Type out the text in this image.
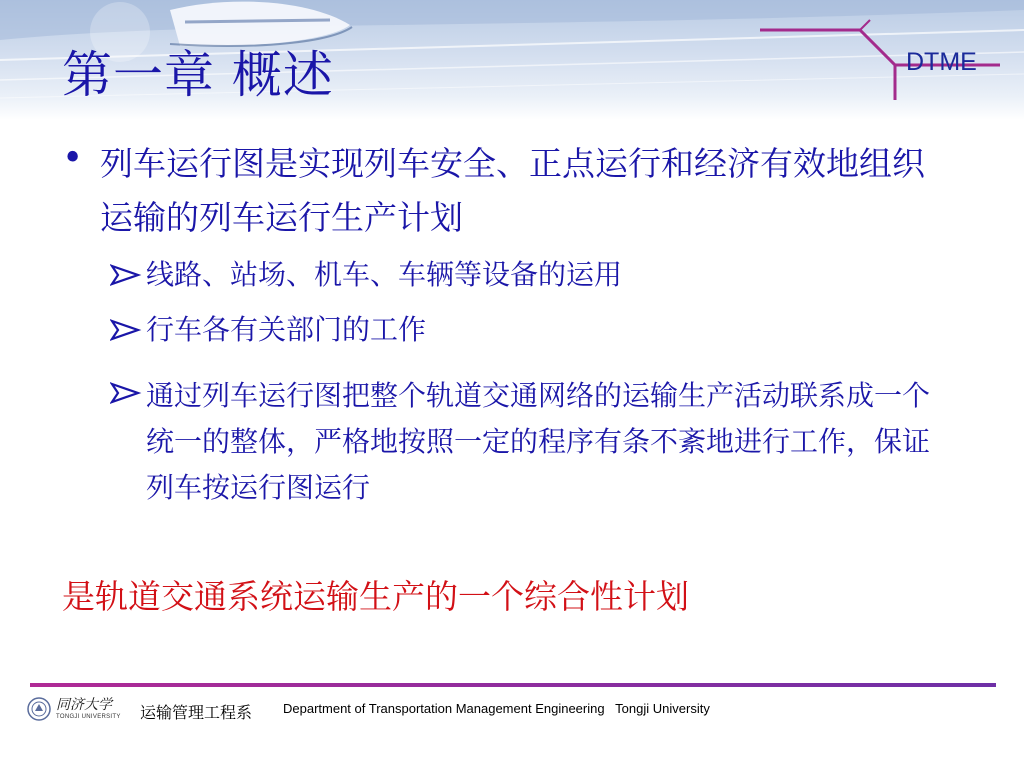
第一章 概述	DTME
• 列车运行图是实现列车安全、正点运行和经济有效地组织运输的列车运行生产计划

线路、站场、机车、车辆等设备的运用
行车各有关部门的工作
通过列车运行图把整个轨道交通网络的运输生产活动联系成一个统一的整体，严格地按照一定的程序有条不紊地进行工作，保证列车按运行图运行

是轨道交通系统运输生产的一个综合性计划

同济大学
TONGJI UNIVERSITY 运输管理工程系 Department of Transportation Management Engineering   Tongji University
